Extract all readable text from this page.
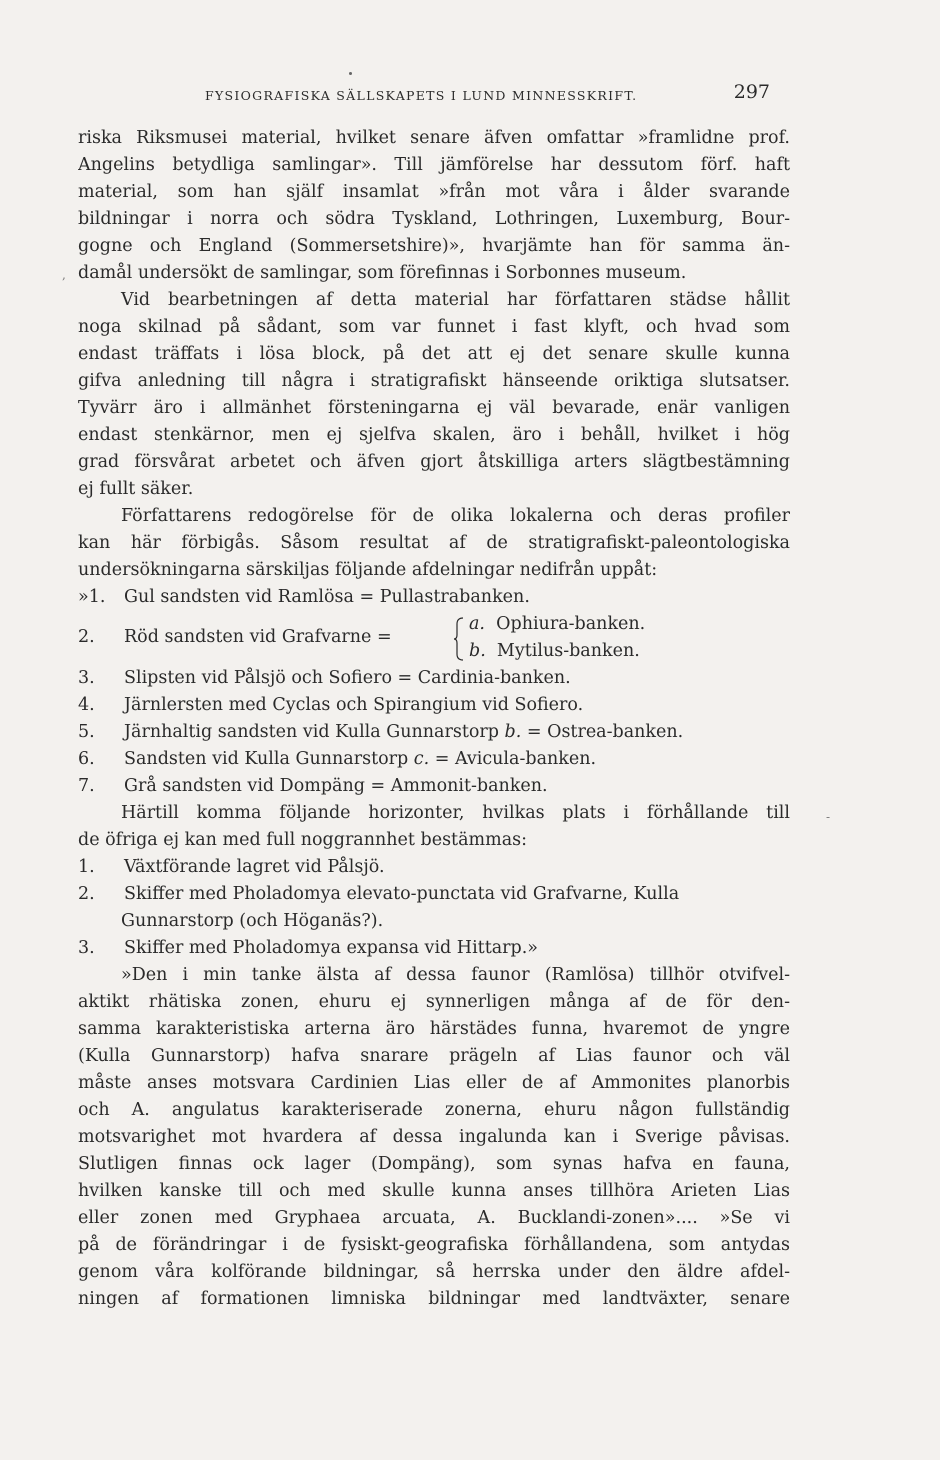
,
-
FYSIOGRAFISKA SÄLLSKAPETS I LUND MINNESSKRIFT.	297
riska Riksmusei material, hvilket senare äfven omfattar »framlidne prof.
Angelins betydliga samlingar». Till jämförelse har dessutom förf. haft
material, som han själf insamlat »från mot våra i ålder svarande
bildningar i norra och södra Tyskland, Lothringen, Luxemburg, Bour-
gogne och England (Sommersetshire)», hvarjämte han för samma än-
damål undersökt de samlingar, som förefinnas i Sorbonnes museum.
Vid bearbetningen af detta material har författaren städse hållit
noga skilnad på sådant, som var funnet i fast klyft, och hvad som
endast träffats i lösa block, på det att ej det senare skulle kunna
gifva anledning till några i stratigrafiskt hänseende oriktiga slutsatser.
Tyvärr äro i allmänhet försteningarna ej väl bevarade, enär vanligen
endast stenkärnor, men ej sjelfva skalen, äro i behåll, hvilket i hög
grad försvårat arbetet och äfven gjort åtskilliga arters slägtbestämning
ej fullt säker.
Författarens redogörelse för de olika lokalerna och deras profiler
kan här förbigås. Såsom resultat af de stratigrafiskt-paleontologiska
undersökningarna särskiljas följande afdelningar nedifrån uppåt:
»1. Gul sandsten vid Ramlösa = Pullastrabanken.
2.	Röd sandsten vid Grafvarne =
a. Ophiura-banken.
b. Mytilus-banken.
3. Slipsten vid Pålsjö och Sofiero = Cardinia-banken.
4. Järnlersten med Cyclas och Spirangium vid Sofiero.
5. Järnhaltig sandsten vid Kulla Gunnarstorp b. = Ostrea-banken.
6. Sandsten vid Kulla Gunnarstorp c. = Avicula-banken.
7. Grå sandsten vid Dompäng = Ammonit-banken.
Härtill komma följande horizonter, hvilkas plats i förhållande till
de öfriga ej kan med full noggrannhet bestämmas:
1. Växtförande lagret vid Pålsjö.
2. Skiffer med Pholadomya elevato-punctata vid Grafvarne, Kulla
Gunnarstorp (och Höganäs?).
3. Skiffer med Pholadomya expansa vid Hittarp.»
»Den i min tanke älsta af dessa faunor (Ramlösa) tillhör otvifvel-
aktikt rhätiska zonen, ehuru ej synnerligen många af de för den-
samma karakteristiska arterna äro härstädes funna, hvaremot de yngre
(Kulla Gunnarstorp) hafva snarare prägeln af Lias faunor och väl
måste anses motsvara Cardinien Lias eller de af Ammonites planorbis
och A. angulatus karakteriserade zonerna, ehuru någon fullständig
motsvarighet mot hvardera af dessa ingalunda kan i Sverige påvisas.
Slutligen finnas ock lager (Dompäng), som synas hafva en fauna,
hvilken kanske till och med skulle kunna anses tillhöra Arieten Lias
eller zonen med Gryphaea arcuata, A. Bucklandi-zonen».... »Se vi
på de förändringar i de fysiskt-geografiska förhållandena, som antydas
genom våra kolförande bildningar, så herrska under den äldre afdel-
ningen af formationen limniska bildningar med landtväxter, senare
